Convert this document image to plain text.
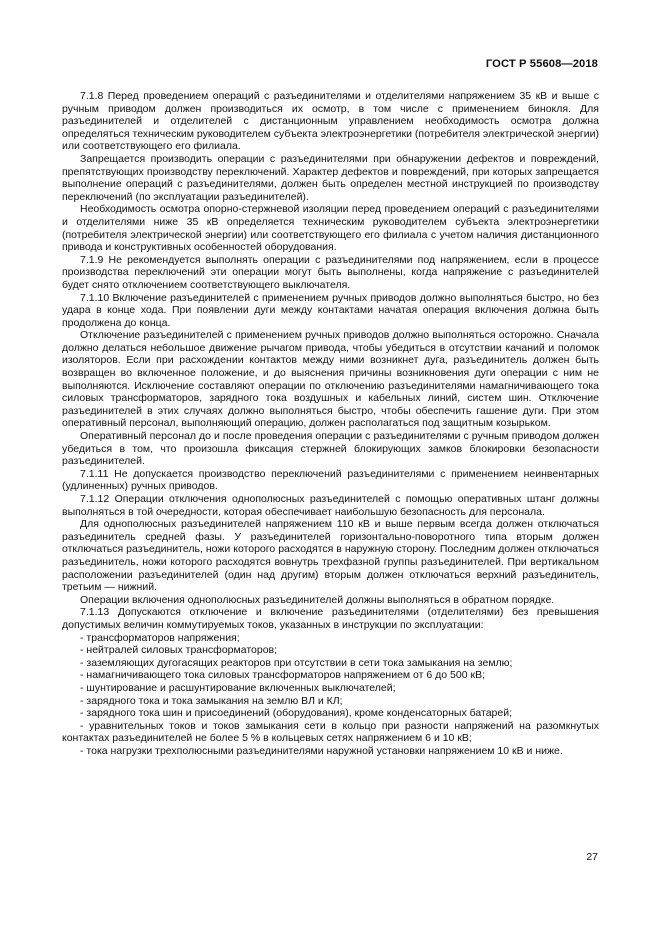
ГОСТ Р 55608—2018

7.1.8 Перед проведением операций с разъединителями и отделителями напряжением 35 кВ и выше с ручным приводом должен производиться их осмотр, в том числе с применением бинокля. Для разъединителей и отделителей с дистанционным управлением необходимость осмотра должна определяться техническим руководителем субъекта электроэнергетики (потребителя электрической энергии) или соответствующего его филиала.

Запрещается производить операции с разъединителями при обнаружении дефектов и повреждений, препятствующих производству переключений. Характер дефектов и повреждений, при которых запрещается выполнение операций с разъединителями, должен быть определен местной инструкцией по производству переключений (по эксплуатации разъединителей).

Необходимость осмотра опорно-стержневой изоляции перед проведением операций с разъединителями и отделителями ниже 35 кВ определяется техническим руководителем субъекта электроэнергетики (потребителя электрической энергии) или соответствующего его филиала с учетом наличия дистанционного привода и конструктивных особенностей оборудования.

7.1.9 Не рекомендуется выполнять операции с разъединителями под напряжением, если в процессе производства переключений эти операции могут быть выполнены, когда напряжение с разъединителей будет снято отключением соответствующего выключателя.

7.1.10 Включение разъединителей с применением ручных приводов должно выполняться быстро, но без удара в конце хода. При появлении дуги между контактами начатая операция включения должна быть продолжена до конца.

Отключение разъединителей с применением ручных приводов должно выполняться осторожно. Сначала должно делаться небольшое движение рычагом привода, чтобы убедиться в отсутствии качаний и поломок изоляторов. Если при расхождении контактов между ними возникнет дуга, разъединитель должен быть возвращен во включенное положение, и до выяснения причины возникновения дуги операции с ним не выполняются. Исключение составляют операции по отключению разъединителями намагничивающего тока силовых трансформаторов, зарядного тока воздушных и кабельных линий, систем шин. Отключение разъединителей в этих случаях должно выполняться быстро, чтобы обеспечить гашение дуги. При этом оперативный персонал, выполняющий операцию, должен располагаться под защитным козырьком.

Оперативный персонал до и после проведения операции с разъединителями с ручным приводом должен убедиться в том, что произошла фиксация стержней блокирующих замков блокировки безопасности разъединителей.

7.1.11 Не допускается производство переключений разъединителями с применением неинвентарных (удлиненных) ручных приводов.

7.1.12 Операции отключения однополюсных разъединителей с помощью оперативных штанг должны выполняться в той очередности, которая обеспечивает наибольшую безопасность для персонала.

Для однополюсных разъединителей напряжением 110 кВ и выше первым всегда должен отключаться разъединитель средней фазы. У разъединителей горизонтально-поворотного типа вторым должен отключаться разъединитель, ножи которого расходятся в наружную сторону. Последним должен отключаться разъединитель, ножи которого расходятся вовнутрь трехфазной группы разъединителей. При вертикальном расположении разъединителей (один над другим) вторым должен отключаться верхний разъединитель, третьим — нижний.

Операции включения однополюсных разъединителей должны выполняться в обратном порядке.

7.1.13 Допускаются отключение и включение разъединителями (отделителями) без превышения допустимых величин коммутируемых токов, указанных в инструкции по эксплуатации:

- трансформаторов напряжения;

- нейтралей силовых трансформаторов;

- заземляющих дугогасящих реакторов при отсутствии в сети тока замыкания на землю;

- намагничивающего тока силовых трансформаторов напряжением от 6 до 500 кВ;

- шунтирование и расшунтирование включенных выключателей;

- зарядного тока и тока замыкания на землю ВЛ и КЛ;

- зарядного тока шин и присоединений (оборудования), кроме конденсаторных батарей;

- уравнительных токов и токов замыкания сети в кольцо при разности напряжений на разомкнутых контактах разъединителей не более 5 % в кольцевых сетях напряжением 6 и 10 кВ;

- тока нагрузки трехполюсными разъединителями наружной установки напряжением 10 кВ и ниже.

27
